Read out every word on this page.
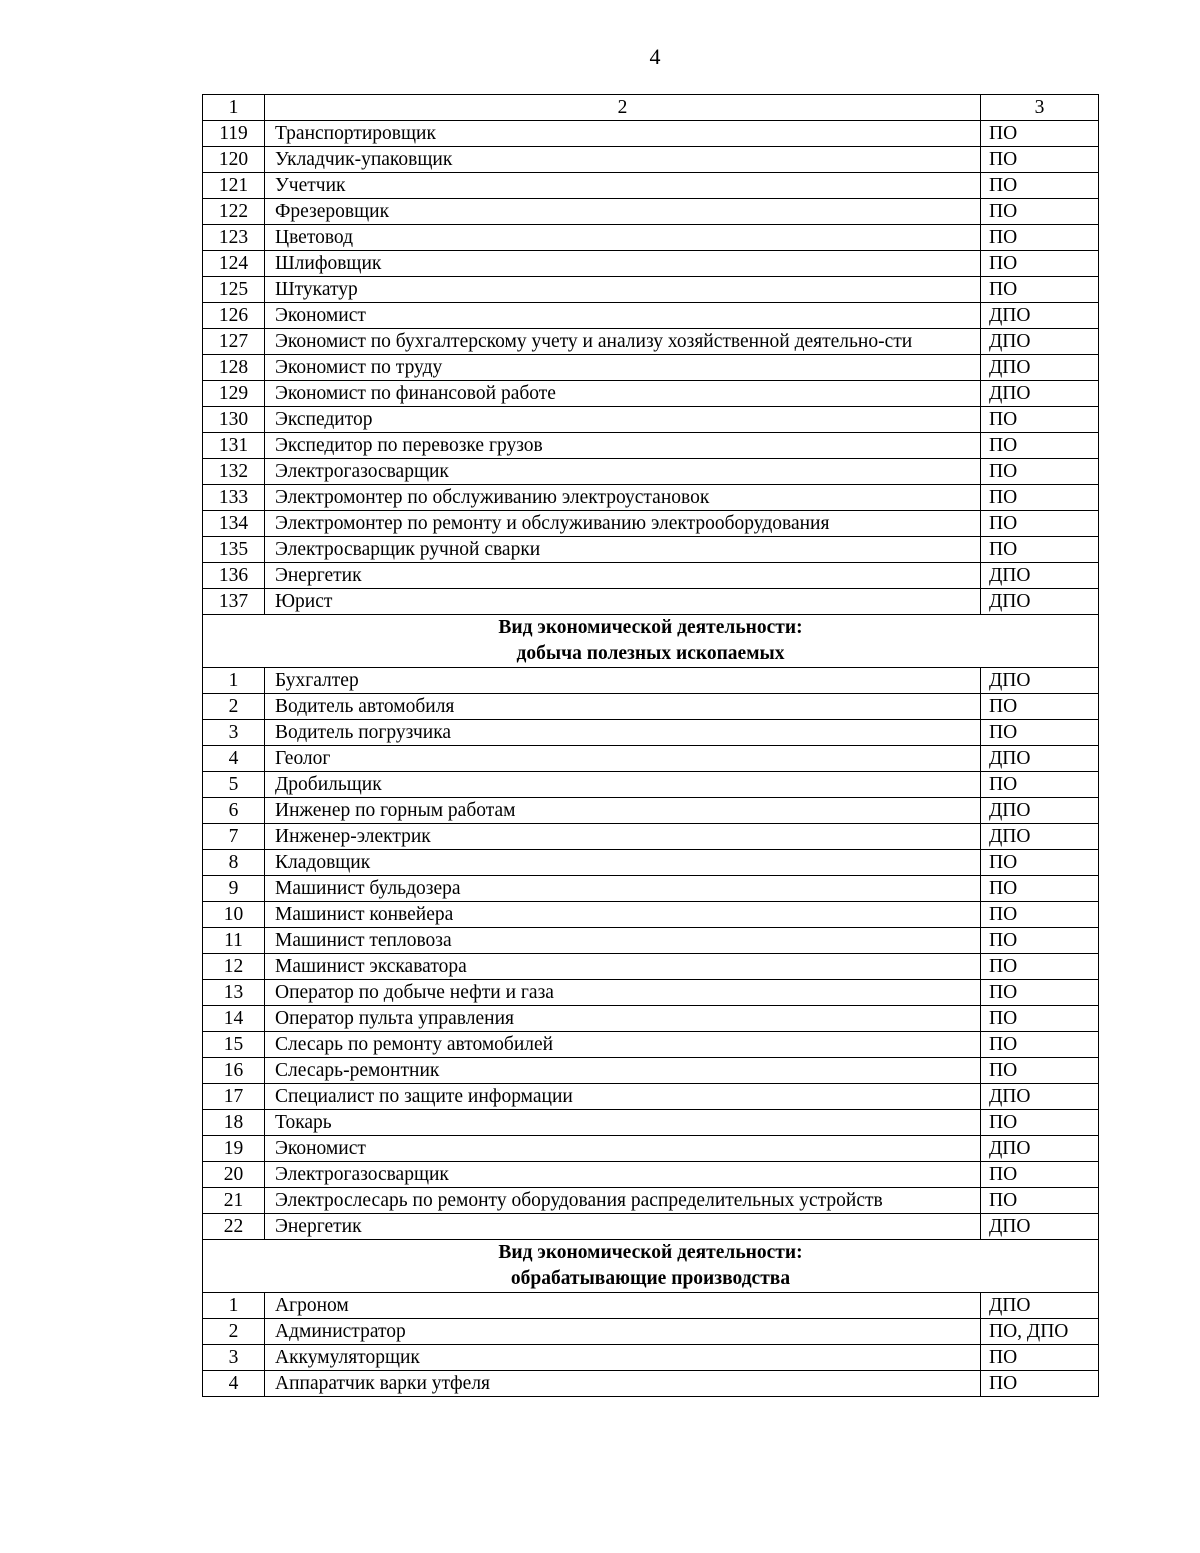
4
1	2	3
119	Транспортировщик	ПО
120	Укладчик-упаковщик	ПО
121	Учетчик	ПО
122	Фрезеровщик	ПО
123	Цветовод	ПО
124	Шлифовщик	ПО
125	Штукатур	ПО
126	Экономист	ДПО
127	Экономист по бухгалтерскому учету и анализу хозяйственной деятельно-сти	ДПО
128	Экономист по труду	ДПО
129	Экономист по финансовой работе	ДПО
130	Экспедитор	ПО
131	Экспедитор по перевозке грузов	ПО
132	Электрогазосварщик	ПО
133	Электромонтер по обслуживанию электроустановок	ПО
134	Электромонтер по ремонту и обслуживанию электрооборудования	ПО
135	Электросварщик ручной сварки	ПО
136	Энергетик	ДПО
137	Юрист	ДПО

Вид экономической деятельности:
добыча полезных ископаемых		

1	Бухгалтер	ДПО
2	Водитель автомобиля	ПО
3	Водитель погрузчика	ПО
4	Геолог	ДПО
5	Дробильщик	ПО
6	Инженер по горным работам	ДПО
7	Инженер-электрик	ДПО
8	Кладовщик	ПО
9	Машинист бульдозера	ПО
10	Машинист конвейера	ПО
11	Машинист тепловоза	ПО
12	Машинист экскаватора	ПО
13	Оператор по добыче нефти и газа	ПО
14	Оператор пульта управления	ПО
15	Слесарь по ремонту автомобилей	ПО
16	Слесарь-ремонтник	ПО
17	Специалист по защите информации	ДПО
18	Токарь	ПО
19	Экономист	ДПО
20	Электрогазосварщик	ПО
21	Электрослесарь по ремонту оборудования распределительных устройств	ПО
22	Энергетик	ДПО

Вид экономической деятельности:
обрабатывающие производства		

1	Агроном	ДПО
2	Администратор	ПО, ДПО
3	Аккумуляторщик	ПО
4	Аппаратчик варки утфеля	ПО
